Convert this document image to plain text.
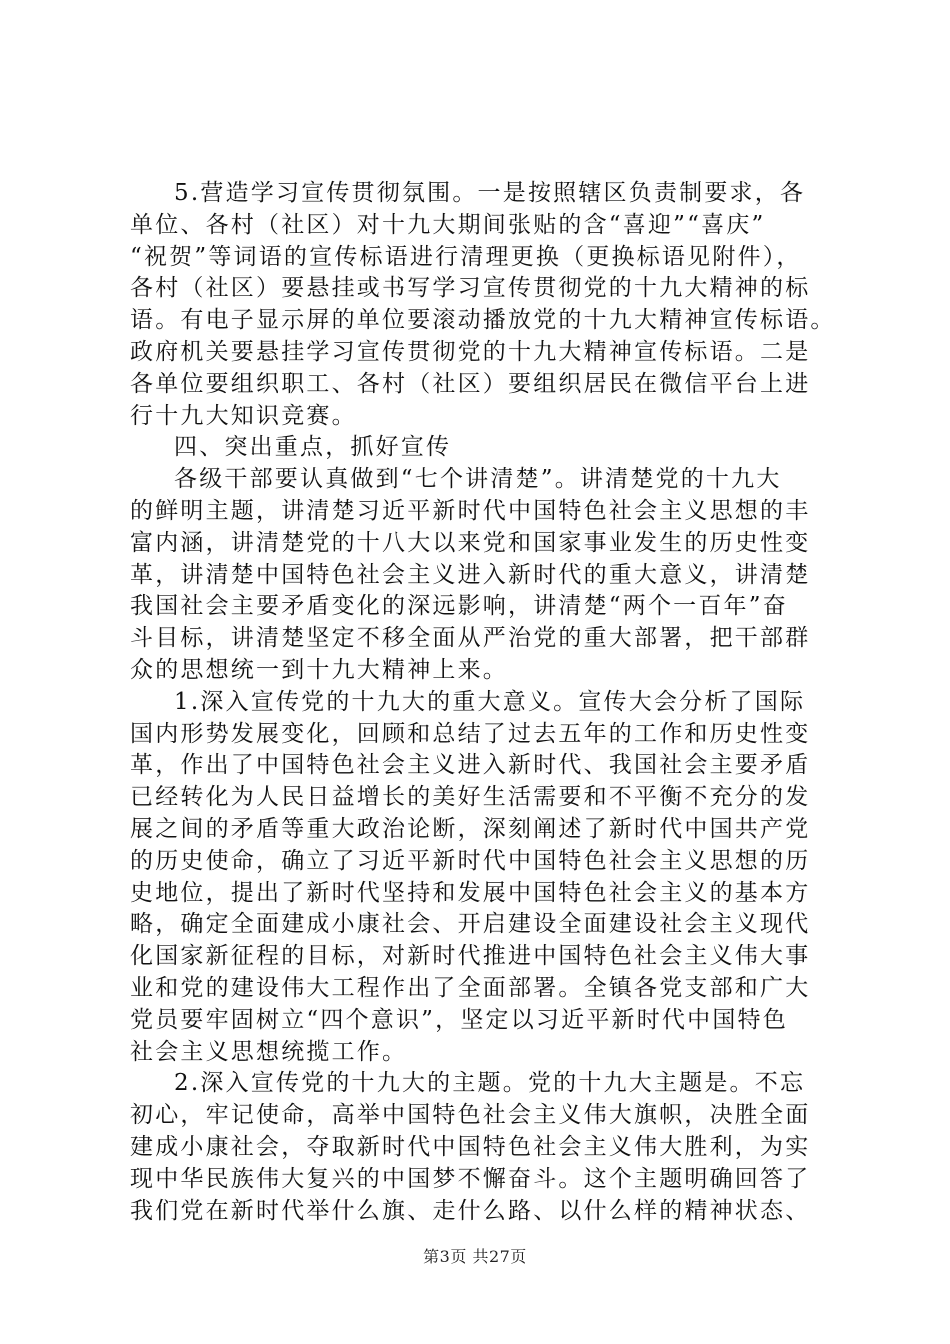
5.营造学习宣传贯彻氛围。一是按照辖区负责制要求，各
单位、各村（社区）对十九大期间张贴的含“喜迎”“喜庆”
“祝贺”等词语的宣传标语进行清理更换（更换标语见附件），
各村（社区）要悬挂或书写学习宣传贯彻党的十九大精神的标
语。有电子显示屏的单位要滚动播放党的十九大精神宣传标语。
政府机关要悬挂学习宣传贯彻党的十九大精神宣传标语。二是
各单位要组织职工、各村（社区）要组织居民在微信平台上进
行十九大知识竞赛。
四、突出重点，抓好宣传
各级干部要认真做到“七个讲清楚”。讲清楚党的十九大
的鲜明主题，讲清楚习近平新时代中国特色社会主义思想的丰
富内涵，讲清楚党的十八大以来党和国家事业发生的历史性变
革，讲清楚中国特色社会主义进入新时代的重大意义，讲清楚
我国社会主要矛盾变化的深远影响，讲清楚“两个一百年”奋
斗目标，讲清楚坚定不移全面从严治党的重大部署，把干部群
众的思想统一到十九大精神上来。
1.深入宣传党的十九大的重大意义。宣传大会分析了国际
国内形势发展变化，回顾和总结了过去五年的工作和历史性变
革，作出了中国特色社会主义进入新时代、我国社会主要矛盾
已经转化为人民日益增长的美好生活需要和不平衡不充分的发
展之间的矛盾等重大政治论断，深刻阐述了新时代中国共产党
的历史使命，确立了习近平新时代中国特色社会主义思想的历
史地位，提出了新时代坚持和发展中国特色社会主义的基本方
略，确定全面建成小康社会、开启建设全面建设社会主义现代
化国家新征程的目标，对新时代推进中国特色社会主义伟大事
业和党的建设伟大工程作出了全面部署。全镇各党支部和广大
党员要牢固树立“四个意识”，坚定以习近平新时代中国特色
社会主义思想统揽工作。
2.深入宣传党的十九大的主题。党的十九大主题是。不忘
初心，牢记使命，高举中国特色社会主义伟大旗帜，决胜全面
建成小康社会，夺取新时代中国特色社会主义伟大胜利，为实
现中华民族伟大复兴的中国梦不懈奋斗。这个主题明确回答了
我们党在新时代举什么旗、走什么路、以什么样的精神状态、
第3页 共27页
